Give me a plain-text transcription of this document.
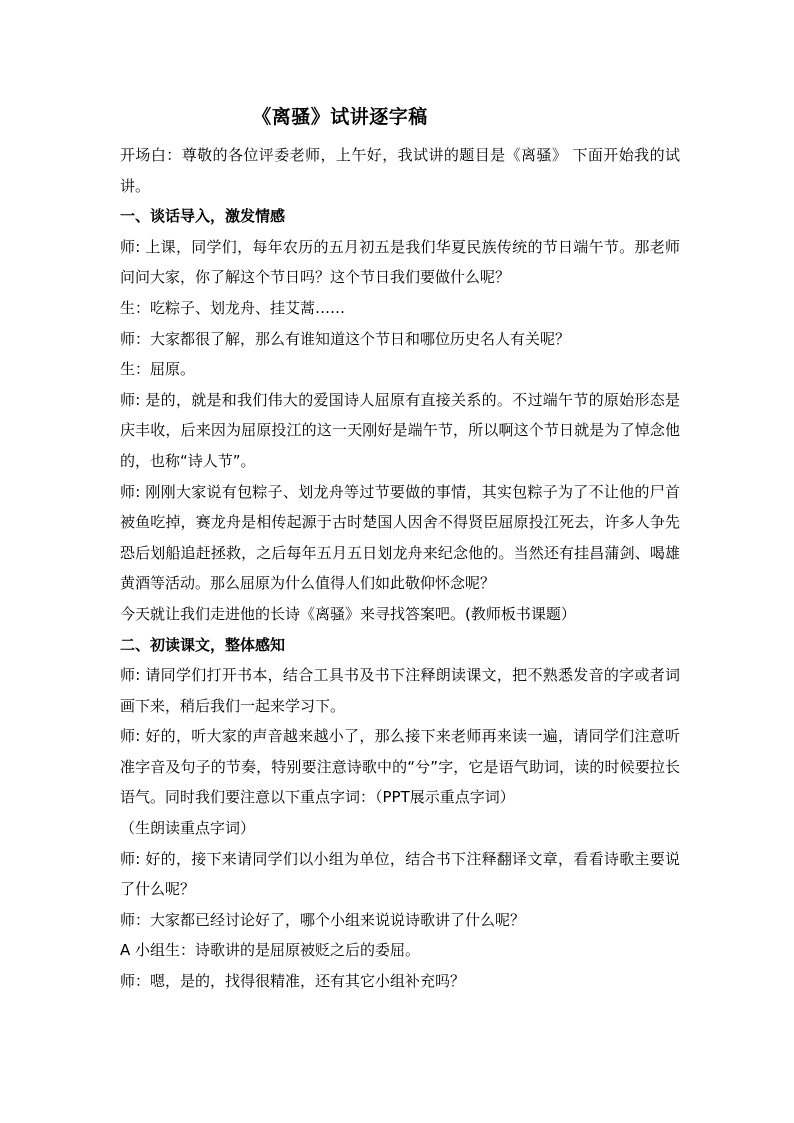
《离骚》试讲逐字稿

开场白：尊敬的各位评委老师，上午好，我试讲的题目是《离骚》 下面开始我的试讲。

一、谈话导入，激发情感

师: 上课，同学们，每年农历的五月初五是我们华夏民族传统的节日端午节。那老师问问大家，你了解这个节日吗？这个节日我们要做什么呢？

生：吃粽子、划龙舟、挂艾蒿……

师：大家都很了解，那么有谁知道这个节日和哪位历史名人有关呢？

生：屈原。

师: 是的，就是和我们伟大的爱国诗人屈原有直接关系的。不过端午节的原始形态是庆丰收，后来因为屈原投江的这一天刚好是端午节，所以啊这个节日就是为了悼念他的，也称“诗人节”。

师: 刚刚大家说有包粽子、划龙舟等过节要做的事情，其实包粽子为了不让他的尸首被鱼吃掉，赛龙舟是相传起源于古时楚国人因舍不得贤臣屈原投江死去，许多人争先恐后划船追赶拯救，之后每年五月五日划龙舟来纪念他的。当然还有挂昌蒲剑、喝雄黄酒等活动。那么屈原为什么值得人们如此敬仰怀念呢？

今天就让我们走进他的长诗《离骚》来寻找答案吧。(教师板书课题）

二、初读课文，整体感知

师: 请同学们打开书本，结合工具书及书下注释朗读课文，把不熟悉发音的字或者词画下来，稍后我们一起来学习下。

师: 好的，听大家的声音越来越小了，那么接下来老师再来读一遍，请同学们注意听准字音及句子的节奏，特别要注意诗歌中的“兮”字，它是语气助词，读的时候要拉长语气。同时我们要注意以下重点字词：（PPT展示重点字词）

（生朗读重点字词）

师: 好的，接下来请同学们以小组为单位，结合书下注释翻译文章，看看诗歌主要说了什么呢？

师：大家都已经讨论好了，哪个小组来说说诗歌讲了什么呢？

A 小组生：诗歌讲的是屈原被贬之后的委屈。

师：嗯，是的，找得很精准，还有其它小组补充吗？
